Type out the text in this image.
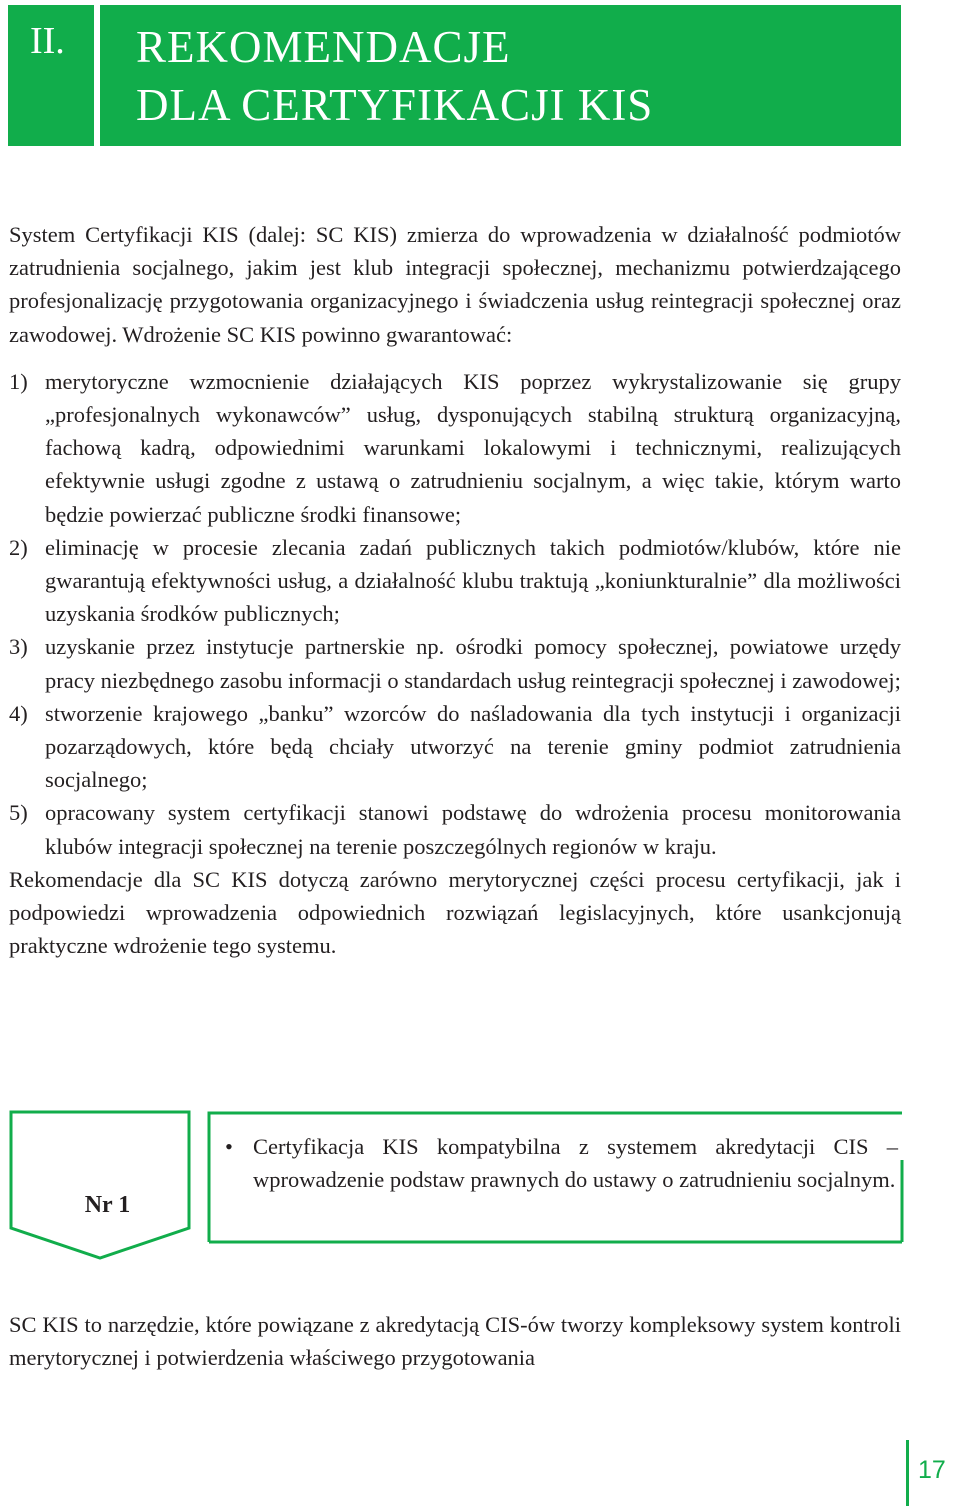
II.	REKOMENDACJE
DLA CERTYFIKACJI KIS

System Certyfikacji KIS (dalej: SC KIS) zmierza do wprowadzenia w działalność podmiotów zatrudnienia socjalnego, jakim jest klub integracji społecznej, mechanizmu potwierdzającego profesjonalizację przygotowania organizacyjnego i świadczenia usług reintegracji społecznej oraz zawodowej. Wdrożenie SC KIS powinno gwarantować:

1) merytoryczne wzmocnienie działających KIS poprzez wykrystalizowanie się grupy „profesjonalnych wykonawców” usług, dysponujących stabilną strukturą organizacyjną, fachową kadrą, odpowiednimi warunkami lokalowymi i technicznymi, realizujących efektywnie usługi zgodne z ustawą o zatrudnieniu socjalnym, a więc takie, którym warto będzie powierzać publiczne środki finansowe;
2) eliminację w procesie zlecania zadań publicznych takich podmiotów/klubów, które nie gwarantują efektywności usług, a działalność klubu traktują „koniunkturalnie” dla możliwości uzyskania środków publicznych;
3) uzyskanie przez instytucje partnerskie np. ośrodki pomocy społecznej, powiatowe urzędy pracy niezbędnego zasobu informacji o standardach usług reintegracji społecznej i zawodowej;
4) stworzenie krajowego „banku” wzorców do naśladowania dla tych instytucji i organizacji pozarządowych, które będą chciały utworzyć na terenie gminy podmiot zatrudnienia socjalnego;
5) opracowany system certyfikacji stanowi podstawę do wdrożenia procesu monitorowania klubów integracji społecznej na terenie poszczególnych regionów w kraju.

Rekomendacje dla SC KIS dotyczą zarówno merytorycznej części procesu certyfikacji, jak i podpowiedzi wprowadzenia odpowiednich rozwiązań legislacyjnych, które usankcjonują praktyczne wdrożenie tego systemu.

Nr 1
• Certyfikacja KIS kompatybilna z systemem akredytacji CIS – wprowadzenie podstaw prawnych do ustawy o zatrudnieniu socjalnym.

SC KIS to narzędzie, które powiązane z akredytacją CIS-ów tworzy kompleksowy system kontroli merytorycznej i potwierdzenia właściwego przygotowania

17
